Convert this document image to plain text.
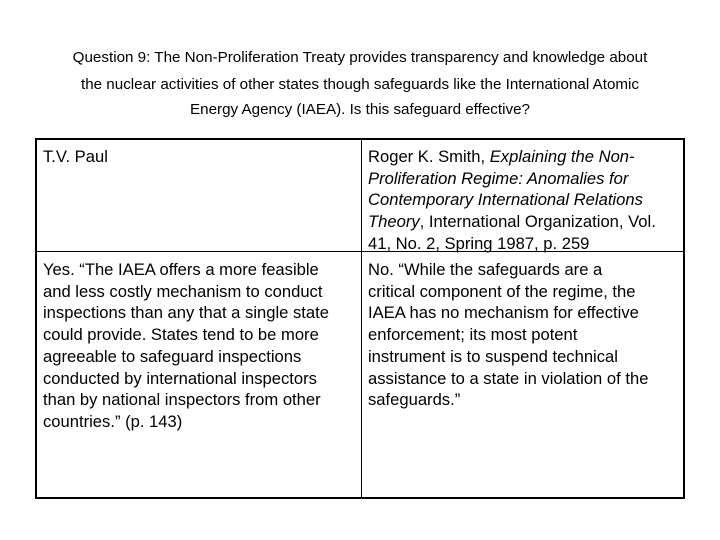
Question 9: The Non-Proliferation Treaty provides transparency and knowledge about
the nuclear activities of other states though safeguards like the International Atomic
Energy Agency (IAEA). Is this safeguard effective?
T.V. Paul	Roger K. Smith, Explaining the Non-
Proliferation Regime: Anomalies for
Contemporary International Relations
Theory, International Organization, Vol.
41, No. 2, Spring 1987, p. 259
Yes. “The IAEA offers a more feasible
and less costly mechanism to conduct
inspections than any that a single state
could provide. States tend to be more
agreeable to safeguard inspections
conducted by international inspectors
than by national inspectors from other
countries.” (p. 143)
No. “While the safeguards are a
critical component of the regime, the
IAEA has no mechanism for effective
enforcement; its most potent
instrument is to suspend technical
assistance to a state in violation of the
safeguards.”
